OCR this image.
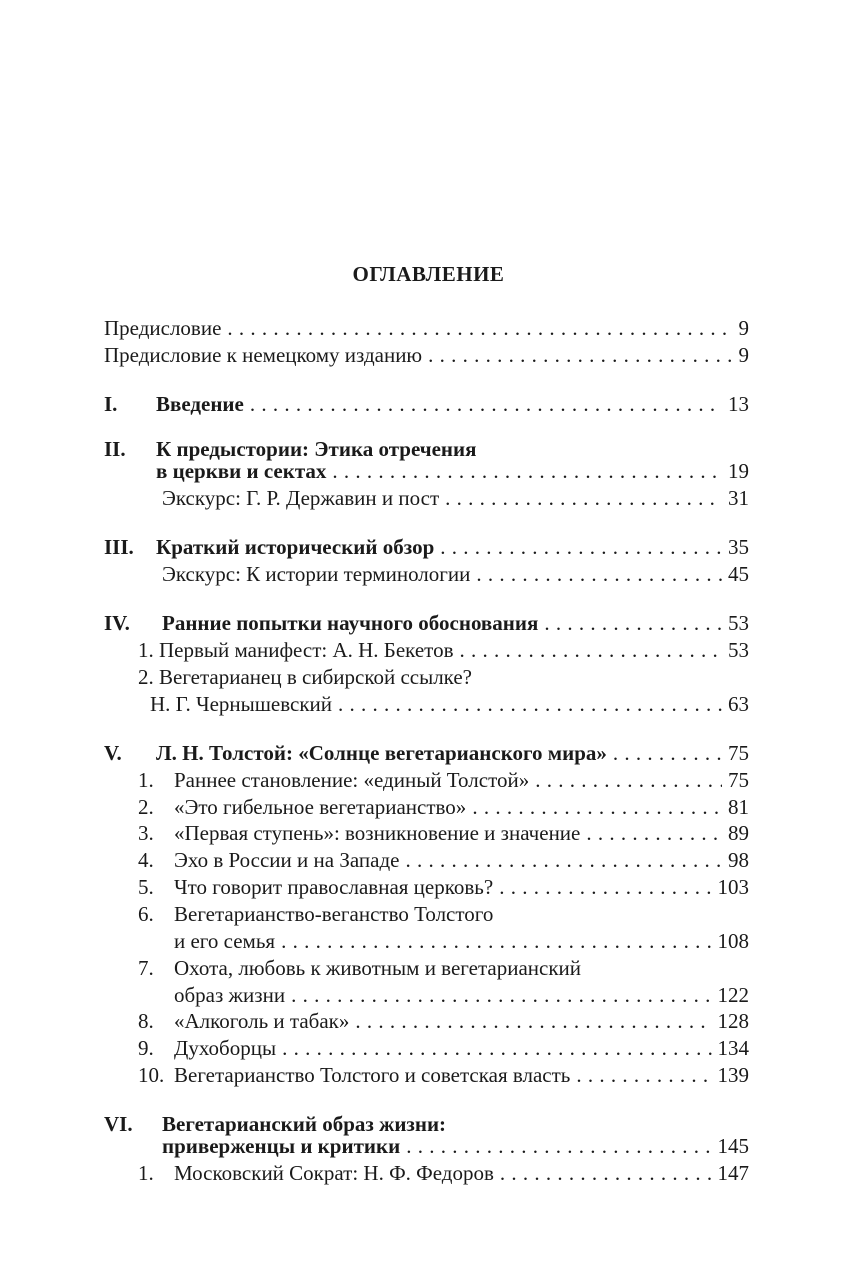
ОГЛАВЛЕНИЕ
Предисловие . . .	9
Предисловие к немецкому изданию . . .	9
I.	Введение . . .	13
II.	К предыстории: Этика отречения
в церкви и сектах . . .	19
Экскурс: Г. Р. Державин и пост . . .	31
III.	Краткий исторический обзор . . .	35
Экскурс: К истории терминологии . . .	45
IV.	Ранние попытки научного обоснования . . .	53
1. Первый манифест: А. Н. Бекетов . . .	53
2. Вегетарианец в сибирской ссылке?
Н. Г. Чернышевский . . .	63
V.	Л. Н. Толстой: «Солнце вегетарианского мира» . . .	75
1. Раннее становление: «единый Толстой» . . .	75
2. «Это гибельное вегетарианство» . . .	81
3. «Первая ступень»: возникновение и значение . . .	89
4. Эхо в России и на Западе . . .	98
5. Что говорит православная церковь? . . .	103
6. Вегетарианство-веганство Толстого
и его семья . . .	108
7. Охота, любовь к животным и вегетарианский
образ жизни . . .	122
8. «Алкоголь и табак» . . .	128
9. Духоборцы . . .	134
10. Вегетарианство Толстого и советская власть . . .	139
VI.	Вегетарианский образ жизни:
приверженцы и критики . . .	145
1. Московский Сократ: Н. Ф. Федоров . . .	147
